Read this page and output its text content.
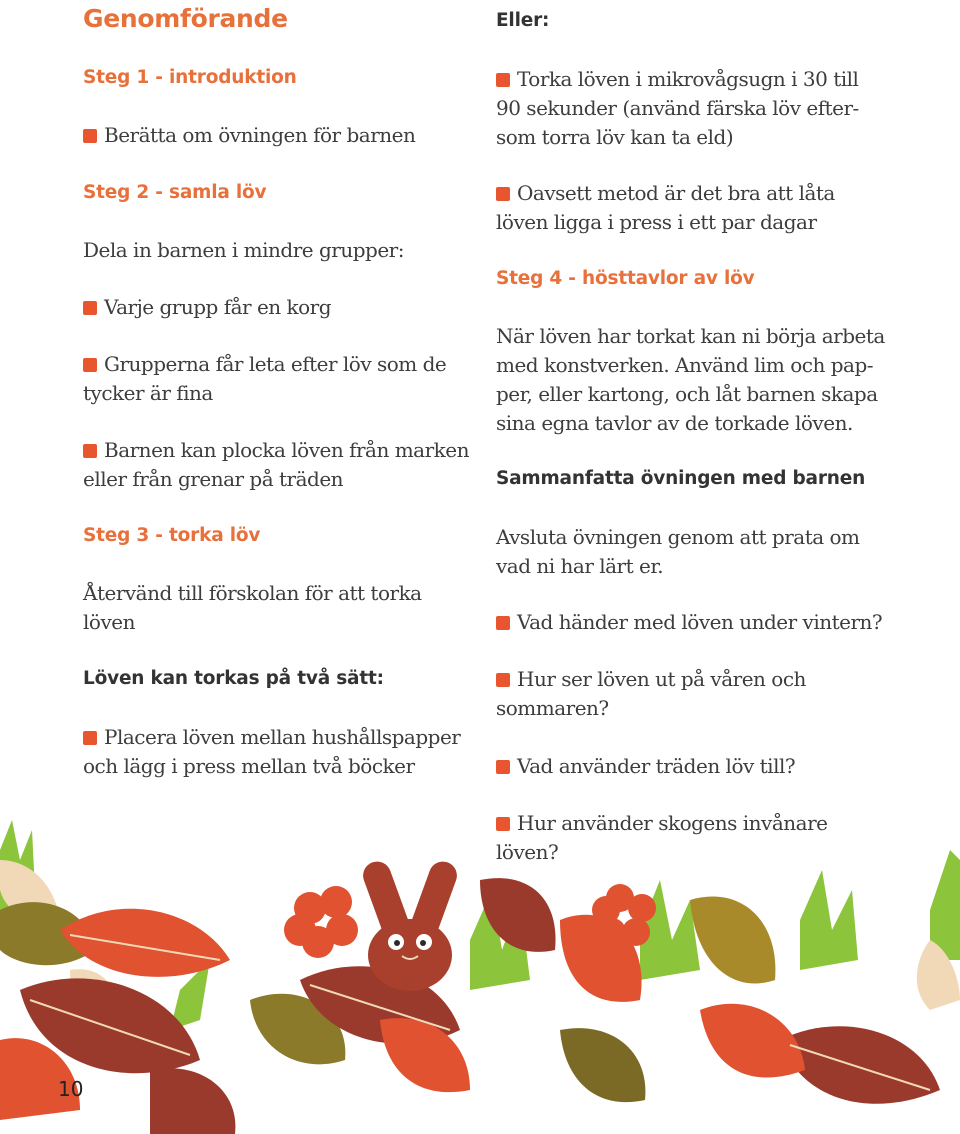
Genomförande
Steg 1 - introduktion
Berätta om övningen för barnen
Steg 2 - samla löv
Dela in barnen i mindre grupper:
Varje grupp får en korg
Grupperna får leta efter löv som de
tycker är fina
Barnen kan plocka löven från marken
eller från grenar på träden
Steg 3 - torka löv
Återvänd till förskolan för att torka
löven
Löven kan torkas på två sätt:
Placera löven mellan hushållspapper
och lägg i press mellan två böcker
Eller:
Torka löven i mikrovågsugn i 30 till
90 sekunder (använd färska löv efter-
som torra löv kan ta eld)
Oavsett metod är det bra att låta
löven ligga i press i ett par dagar
Steg 4 - hösttavlor av löv
När löven har torkat kan ni börja arbeta
med konstverken. Använd lim och pap-
per, eller kartong, och låt barnen skapa
sina egna tavlor av de torkade löven.
Sammanfatta övningen med barnen
Avsluta övningen genom att prata om
vad ni har lärt er.
Vad händer med löven under vintern?
Hur ser löven ut på våren och
sommaren?
Vad använder träden löv till?
Hur använder skogens invånare
löven?
10
